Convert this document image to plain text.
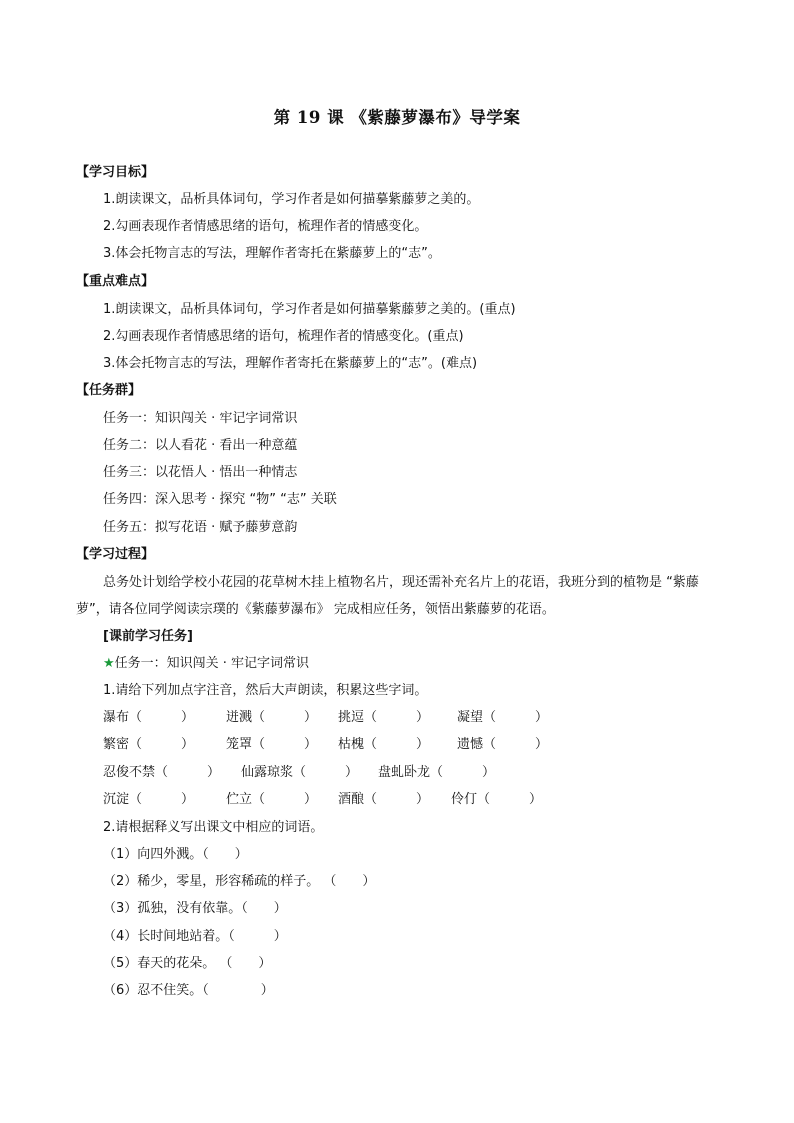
第 19 课 《紫藤萝瀑布》导学案
【学习目标】
1.朗读课文，品析具体词句，学习作者是如何描摹紫藤萝之美的。
2.勾画表现作者情感思绪的语句，梳理作者的情感变化。
3.体会托物言志的写法，理解作者寄托在紫藤萝上的“志”。
【重点难点】
1.朗读课文，品析具体词句，学习作者是如何描摹紫藤萝之美的。(重点)
2.勾画表现作者情感思绪的语句，梳理作者的情感变化。(重点)
3.体会托物言志的写法，理解作者寄托在紫藤萝上的“志”。(难点)
【任务群】
任务一：知识闯关 · 牢记字词常识
任务二：以人看花 · 看出一种意蕴
任务三：以花悟人 · 悟出一种情志
任务四：深入思考 · 探究 “物” “志” 关联
任务五：拟写花语 · 赋予藤萝意韵
【学习过程】
总务处计划给学校小花园的花草树木挂上植物名片，现还需补充名片上的花语，我班分到的植物是 “紫藤萝”，请各位同学阅读宗璞的《紫藤萝瀑布》 完成相应任务，领悟出紫藤萝的花语。
[课前学习任务]
★任务一：知识闯关 · 牢记字词常识
1.请给下列加点字注音，然后大声朗读，积累这些字词。
瀑布（　　　） 迸溅（　　　） 挑逗（　　　） 凝望（　　　）
繁密（　　　） 笼罩（　　　） 枯槐（　　　） 遗憾（　　　）
忍俊不禁（　　　） 仙露琼浆（　　　） 盘虬卧龙（　　　）
沉淀（　　　） 伫立（　　　） 酒酿（　　　） 伶仃（　　　）
2.请根据释义写出课文中相应的词语。
（1）向四外溅。（　　）
（2）稀少，零星，形容稀疏的样子。 （　　）
（3）孤独，没有依靠。（　　）
（4）长时间地站着。（　　　）
（5）春天的花朵。 （　　）
（6）忍不住笑。（　　　　）
